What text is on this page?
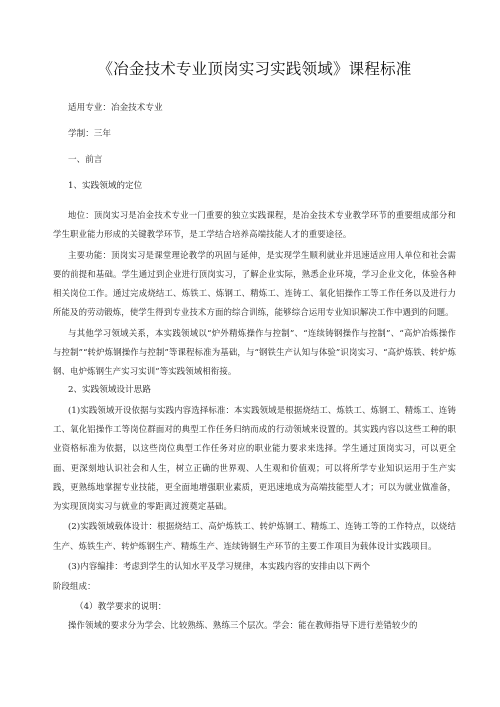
《冶金技术专业顶岗实习实践领域》课程标准
适用专业：冶金技术专业
学制：三年
一、前言
1、实践领域的定位
地位：顶岗实习是冶金技术专业一门重要的独立实践课程，是冶金技术专业教学环节的重要组成部分和学生职业能力形成的关键教学环节，是工学结合培养高端技能人才的重要途径。
主要功能：顶岗实习是课堂理论教学的巩固与延伸，是实现学生顺利就业并迅速适应用人单位和社会需要的前提和基础。学生通过到企业进行顶岗实习，了解企业实际，熟悉企业环境，学习企业文化，体验各种相关岗位工作。通过完成烧结工、炼铁工、炼钢工、精炼工、连铸工、氧化铝操作工等工作任务以及进行力所能及的劳动锻炼，使学生得到专业技术方面的综合训练，能够综合运用专业知识解决工作中遇到的问题。
与其他学习领域关系，本实践领域以“炉外精炼操作与控制”、“连续铸钢操作与控制”、“高炉冶炼操作与控制”“转炉炼钢操作与控制”等课程标准为基础，与“钢铁生产认知与体验”识岗实习、“高炉炼铁、转炉炼钢、电炉炼钢生产实习实训”等实践领域相衔接。
2、实践领域设计思路
(1)实践领域开设依据与实践内容选择标准：本实践领域是根据烧结工、炼铁工、炼钢工、精炼工、连铸工、氧化铝操作工等岗位群面对的典型工作任务归纳而成的行动领域来设置的。其实践内容以这些工种的职业资格标准为依据，以这些岗位典型工作任务对应的职业能力要求来选择。学生通过顶岗实习，可以更全面、更深刻地认识社会和人生，树立正确的世界观、人生观和价值观；可以将所学专业知识运用于生产实践，更熟练地掌握专业技能，更全面地增强职业素质，更迅速地成为高端技能型人才；可以为就业做准备，为实现顶岗实习与就业的零距离过渡奠定基础。
(2)实践领域载体设计：根据烧结工、高炉炼铁工、转炉炼钢工、精炼工、连铸工等的工作特点，以烧结生产、炼铁生产、转炉炼钢生产、精炼生产、连续铸钢生产环节的主要工作项目为载体设计实践项目。
(3)内容编排：考虑到学生的认知水平及学习规律，本实践内容的安排由以下两个
阶段组成：
（4）教学要求的说明：
操作领域的要求分为学会、比较熟练、熟练三个层次。学会：能在教师指导下进行差错较少的
